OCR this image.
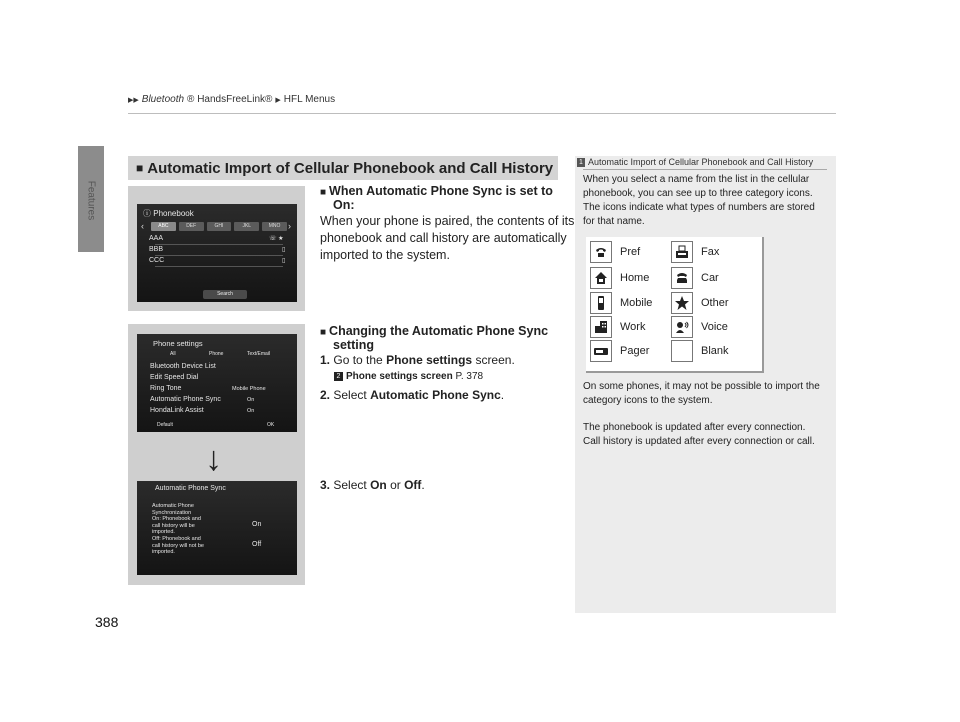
▶▶ Bluetooth ® HandsFreeLink® ▶ HFL Menus
Features
388
■ Automatic Import of Cellular Phonebook and Call History
ⓘ Phonebook
‹	ABC	DEF	GHI	JKL	MNO ›
AAA	☏ ★
BBB	▯
CCC	▯
Search
Phone settings
All	Phone	Text/Email
Bluetooth Device List
Edit Speed Dial
Ring Tone	Mobile Phone
Automatic Phone Sync	On
HondaLink Assist	On
Default	OK
Automatic Phone Sync
Automatic Phone
Synchronization
On: Phonebook and
call history will be
imported.
Off: Phonebook and
call history will not be
imported.
On
Off
↓
■ When Automatic Phone Sync is set to
On:
When your phone is paired, the contents of its
phonebook and call history are automatically
imported to the system.
■ Changing the Automatic Phone Sync
setting
1. Go to the Phone settings screen.
2 Phone settings screen P. 378
2. Select Automatic Phone Sync.
3. Select On or Off.
1 Automatic Import of Cellular Phonebook and Call History
When you select a name from the list in the cellular
phonebook, you can see up to three category icons.
The icons indicate what types of numbers are stored
for that name.
Pref	Fax
Home	Car
Mobile	Other
Work	Voice
Pager	Blank
On some phones, it may not be possible to import the
category icons to the system.
The phonebook is updated after every connection.
Call history is updated after every connection or call.
